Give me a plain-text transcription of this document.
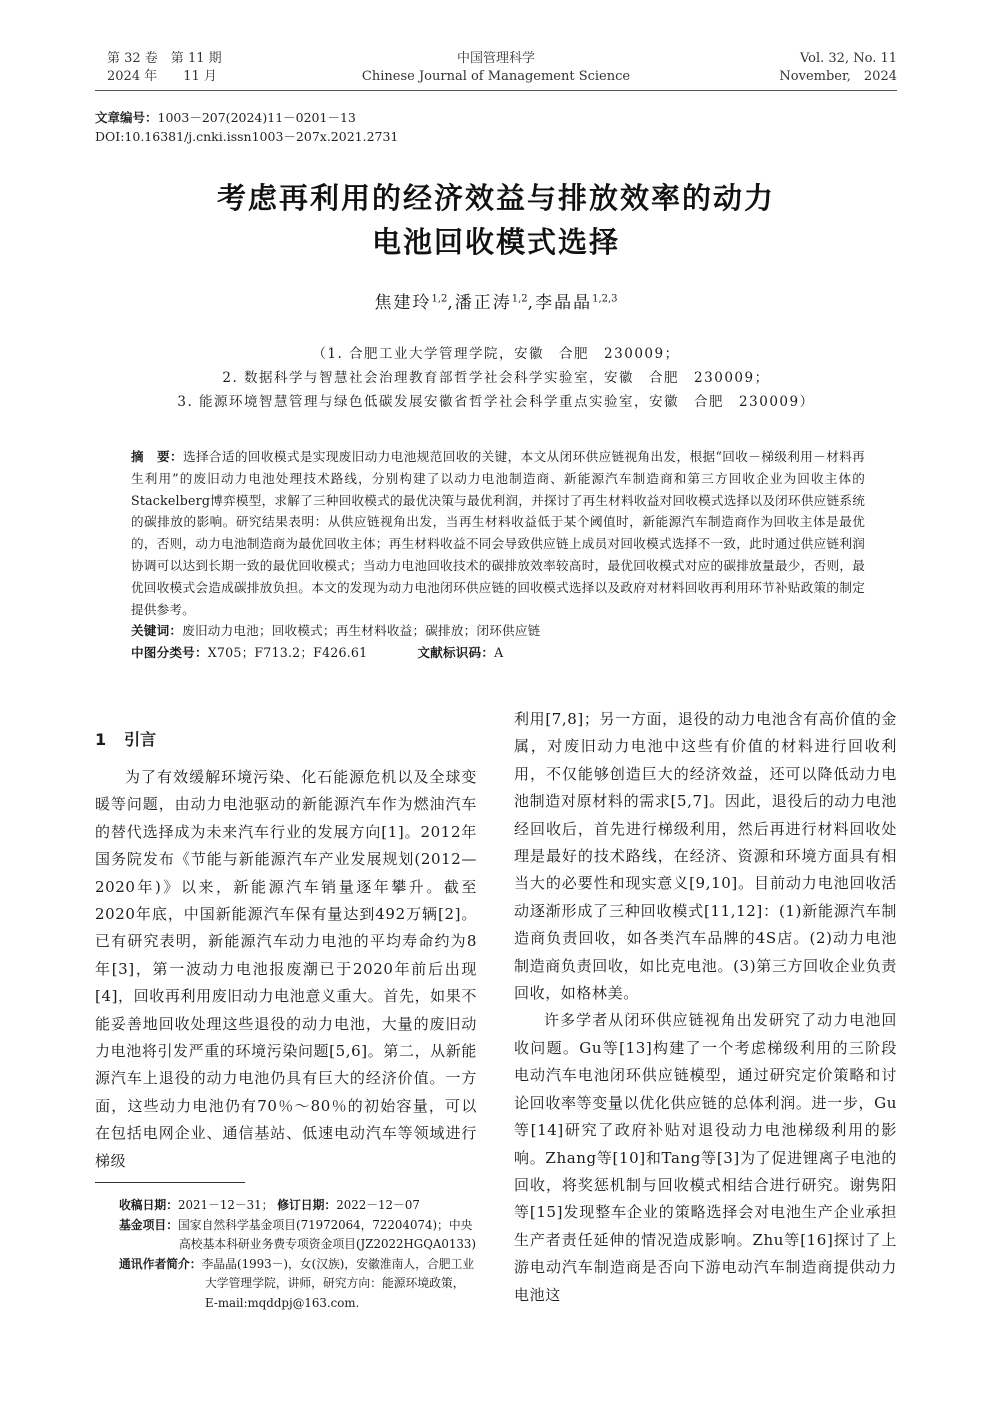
第 32 卷　第 11 期
2024 年　　11 月
中国管理科学
Chinese Journal of Management Science
Vol. 32, No. 11
November,　2024
文章编号：1003－207(2024)11－0201－13
DOI:10.16381/j.cnki.issn1003－207x.2021.2731
考虑再利用的经济效益与排放效率的动力
电池回收模式选择
焦建玲$^{1,2}$,潘正涛$^{1,2}$,李晶晶$^{1,2,3}$
（1. 合肥工业大学管理学院，安徽　合肥　230009；
2. 数据科学与智慧社会治理教育部哲学社会科学实验室，安徽　合肥　230009；
3. 能源环境智慧管理与绿色低碳发展安徽省哲学社会科学重点实验室，安徽　合肥　230009）
摘　要：选择合适的回收模式是实现废旧动力电池规范回收的关键，本文从闭环供应链视角出发，根据“回收－梯级利用－材料再生利用”的废旧动力电池处理技术路线，分别构建了以动力电池制造商、新能源汽车制造商和第三方回收企业为回收主体的Stackelberg博弈模型，求解了三种回收模式的最优决策与最优利润，并探讨了再生材料收益对回收模式选择以及闭环供应链系统的碳排放的影响。研究结果表明：从供应链视角出发，当再生材料收益低于某个阈值时，新能源汽车制造商作为回收主体是最优的，否则，动力电池制造商为最优回收主体；再生材料收益不同会导致供应链上成员对回收模式选择不一致，此时通过供应链利润协调可以达到长期一致的最优回收模式；当动力电池回收技术的碳排放效率较高时，最优回收模式对应的碳排放量最少，否则，最优回收模式会造成碳排放负担。本文的发现为动力电池闭环供应链的回收模式选择以及政府对材料回收再利用环节补贴政策的制定提供参考。
关键词：废旧动力电池；回收模式；再生材料收益；碳排放；闭环供应链
中图分类号：X705；F713.2；F426.61	文献标识码：A
1 引言

为了有效缓解环境污染、化石能源危机以及全球变暖等问题，由动力电池驱动的新能源汽车作为燃油汽车的替代选择成为未来汽车行业的发展方向[1]。2012年国务院发布《节能与新能源汽车产业发展规划(2012—2020年)》以来，新能源汽车销量逐年攀升。截至2020年底，中国新能源汽车保有量达到492万辆[2]。已有研究表明，新能源汽车动力电池的平均寿命约为8年[3]，第一波动力电池报废潮已于2020年前后出现[4]，回收再利用废旧动力电池意义重大。首先，如果不能妥善地回收处理这些退役的动力电池，大量的废旧动力电池将引发严重的环境污染问题[5,6]。第二，从新能源汽车上退役的动力电池仍具有巨大的经济价值。一方面，这些动力电池仍有70％～80％的初始容量，可以在包括电网企业、通信基站、低速电动汽车等领域进行梯级

收稿日期：2021－12－31； 修订日期：2022－12－07
基金项目：国家自然科学基金项目(71972064，72204074)；中央高校基本科研业务费专项资金项目(JZ2022HGQA0133)
通讯作者简介：李晶晶(1993－)，女(汉族)，安徽淮南人，合肥工业大学管理学院，讲师，研究方向：能源环境政策，E-mail:mqddpj@163.com.

利用[7,8]；另一方面，退役的动力电池含有高价值的金属，对废旧动力电池中这些有价值的材料进行回收利用，不仅能够创造巨大的经济效益，还可以降低动力电池制造对原材料的需求[5,7]。因此，退役后的动力电池经回收后，首先进行梯级利用，然后再进行材料回收处理是最好的技术路线，在经济、资源和环境方面具有相当大的必要性和现实意义[9,10]。目前动力电池回收活动逐渐形成了三种回收模式[11,12]：(1)新能源汽车制造商负责回收，如各类汽车品牌的4S店。(2)动力电池制造商负责回收，如比克电池。(3)第三方回收企业负责回收，如格林美。

许多学者从闭环供应链视角出发研究了动力电池回收问题。Gu等[13]构建了一个考虑梯级利用的三阶段电动汽车电池闭环供应链模型，通过研究定价策略和讨论回收率等变量以优化供应链的总体利润。进一步，Gu等[14]研究了政府补贴对退役动力电池梯级利用的影响。Zhang等[10]和Tang等[3]为了促进锂离子电池的回收，将奖惩机制与回收模式相结合进行研究。谢隽阳等[15]发现整车企业的策略选择会对电池生产企业承担生产者责任延伸的情况造成影响。Zhu等[16]探讨了上游电动汽车制造商是否向下游电动汽车制造商提供动力电池这
